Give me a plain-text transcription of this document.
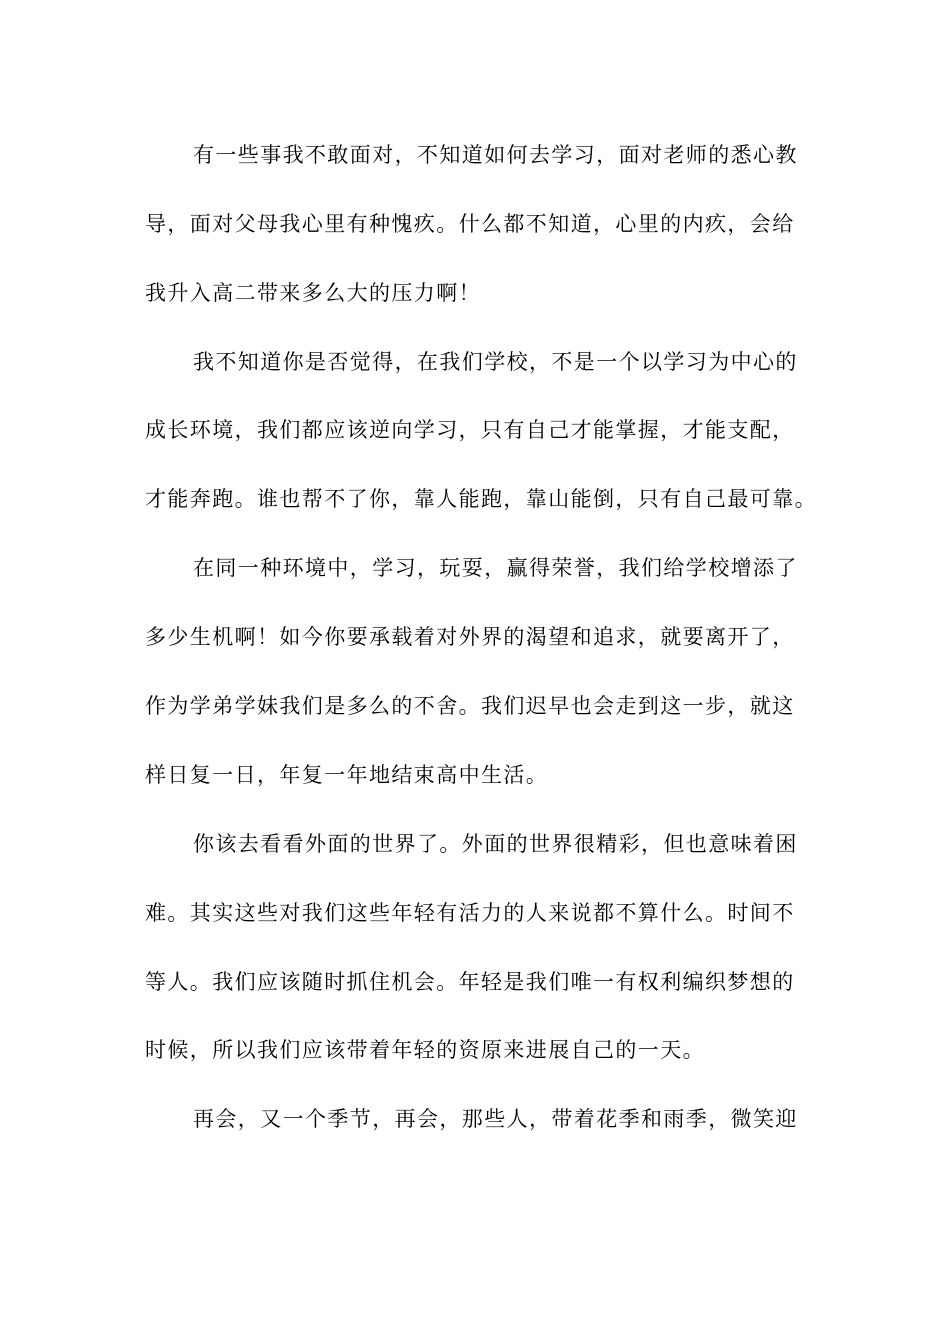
有一些事我不敢面对，不知道如何去学习，面对老师的悉心教
导，面对父母我心里有种愧疚。什么都不知道，心里的内疚，会给
我升入高二带来多么大的压力啊！
我不知道你是否觉得，在我们学校，不是一个以学习为中心的
成长环境，我们都应该逆向学习，只有自己才能掌握，才能支配，
才能奔跑。谁也帮不了你，靠人能跑，靠山能倒，只有自己最可靠。
在同一种环境中，学习，玩耍，赢得荣誉，我们给学校增添了
多少生机啊！如今你要承载着对外界的渴望和追求，就要离开了，
作为学弟学妹我们是多么的不舍。我们迟早也会走到这一步，就这
样日复一日，年复一年地结束高中生活。
你该去看看外面的世界了。外面的世界很精彩，但也意味着困
难。其实这些对我们这些年轻有活力的人来说都不算什么。时间不
等人。我们应该随时抓住机会。年轻是我们唯一有权利编织梦想的
时候，所以我们应该带着年轻的资原来进展自己的一天。
再会，又一个季节，再会，那些人，带着花季和雨季，微笑迎
